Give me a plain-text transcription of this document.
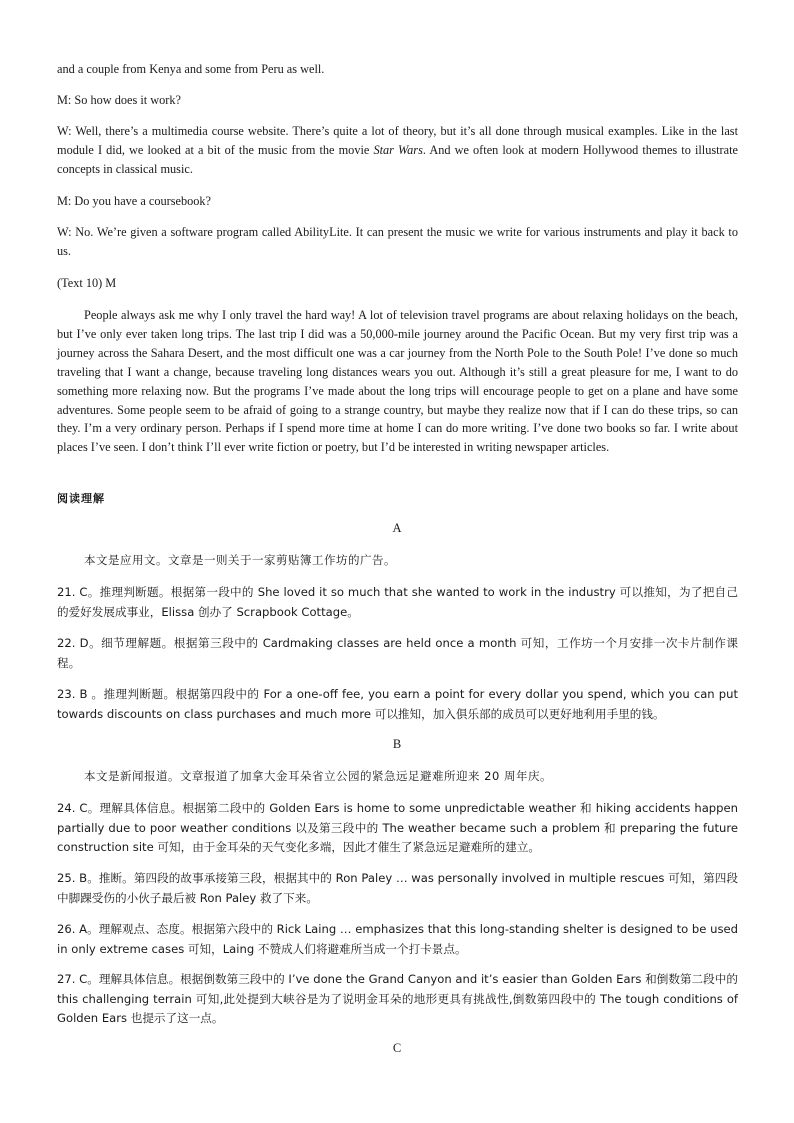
and a couple from Kenya and some from Peru as well.

M: So how does it work?

W: Well, there’s a multimedia course website. There’s quite a lot of theory, but it’s all done through musical examples. Like in the last module I did, we looked at a bit of the music from the movie Star Wars. And we often look at modern Hollywood themes to illustrate concepts in classical music.

M: Do you have a coursebook?

W: No. We’re given a software program called AbilityLite. It can present the music we write for various instruments and play it back to us.

(Text 10) M

People always ask me why I only travel the hard way! A lot of television travel programs are about relaxing holidays on the beach, but I’ve only ever taken long trips. The last trip I did was a 50,000-mile journey around the Pacific Ocean. But my very first trip was a journey across the Sahara Desert, and the most difficult one was a car journey from the North Pole to the South Pole! I’ve done so much traveling that I want a change, because traveling long distances wears you out. Although it’s still a great pleasure for me, I want to do something more relaxing now. But the programs I’ve made about the long trips will encourage people to get on a plane and have some adventures. Some people seem to be afraid of going to a strange country, but maybe they realize now that if I can do these trips, so can they. I’m a very ordinary person. Perhaps if I spend more time at home I can do more writing. I’ve done two books so far. I write about places I’ve seen. I don’t think I’ll ever write fiction or poetry, but I’d be interested in writing newspaper articles.

阅读理解
A
本文是应用文。文章是一则关于一家剪贴簿工作坊的广告。

21. C。推理判断题。根据第一段中的 She loved it so much that she wanted to work in the industry 可以推知，为了把自己的爱好发展成事业，Elissa 创办了 Scrapbook Cottage。

22. D。细节理解题。根据第三段中的 Cardmaking classes are held once a month 可知，工作坊一个月安排一次卡片制作课程。

23. B 。推理判断题。根据第四段中的 For a one-off fee, you earn a point for every dollar you spend, which you can put towards discounts on class purchases and much more 可以推知，加入俱乐部的成员可以更好地利用手里的钱。

B
本文是新闻报道。文章报道了加拿大金耳朵省立公园的紧急远足避难所迎来 20 周年庆。

24. C。理解具体信息。根据第二段中的 Golden Ears is home to some unpredictable weather 和 hiking accidents happen partially due to poor weather conditions 以及第三段中的 The weather became such a problem 和 preparing the future construction site 可知，由于金耳朵的天气变化多端，因此才催生了紧急远足避难所的建立。

25. B。推断。第四段的故事承接第三段，根据其中的 Ron Paley … was personally involved in multiple rescues 可知，第四段中脚踝受伤的小伙子最后被 Ron Paley 救了下来。

26. A。理解观点、态度。根据第六段中的 Rick Laing … emphasizes that this long-standing shelter is designed to be used in only extreme cases 可知，Laing 不赞成人们将避难所当成一个打卡景点。

27. C。理解具体信息。根据倒数第三段中的 I’ve done the Grand Canyon and it’s easier than Golden Ears 和倒数第二段中的 this challenging terrain 可知,此处提到大峡谷是为了说明金耳朵的地形更具有挑战性,倒数第四段中的 The tough conditions of Golden Ears 也提示了这一点。

C
